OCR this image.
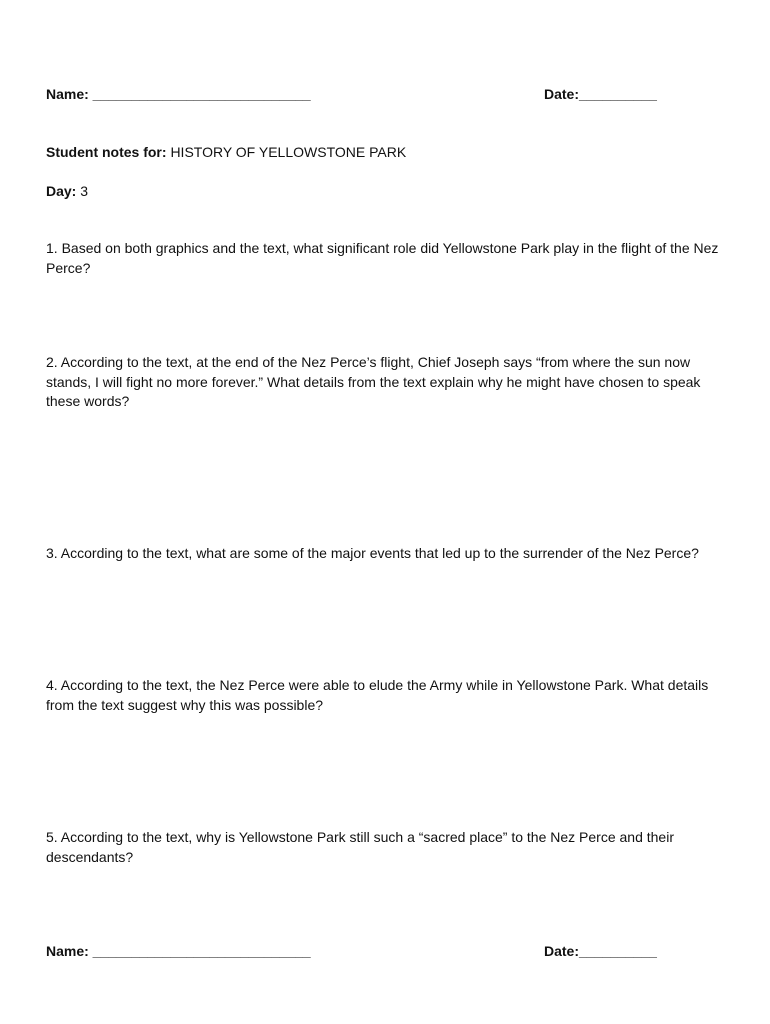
Name: ____________________________	Date:__________
Student notes for: HISTORY OF YELLOWSTONE PARK
Day: 3
1. Based on both graphics and the text, what significant role did Yellowstone Park play in the flight of the Nez Perce?
2. According to the text, at the end of the Nez Perce’s flight, Chief Joseph says “from where the sun now stands, I will fight no more forever.” What details from the text explain why he might have chosen to speak these words?
3. According to the text, what are some of the major events that led up to the surrender of the Nez Perce?
4. According to the text, the Nez Perce were able to elude the Army while in Yellowstone Park. What details from the text suggest why this was possible?
5. According to the text, why is Yellowstone Park still such a “sacred place” to the Nez Perce and their descendants?
Name: ____________________________	Date:__________
